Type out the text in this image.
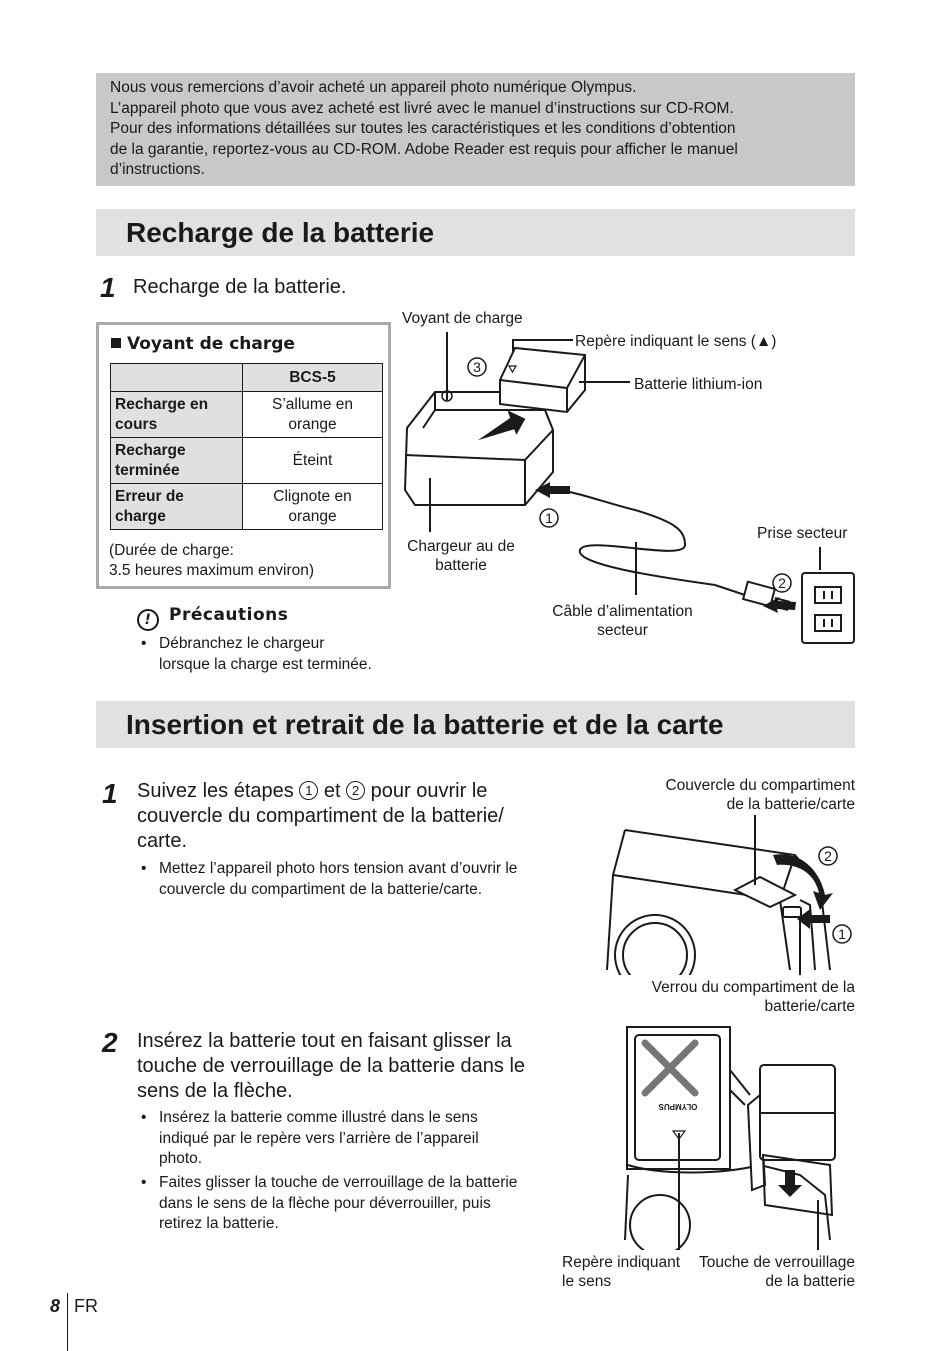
Nous vous remercions d’avoir acheté un appareil photo numérique Olympus.

L’appareil photo que vous avez acheté est livré avec le manuel d’instructions sur CD-ROM.

Pour des informations détaillées sur toutes les caractéristiques et les conditions d’obtention

de la garantie, reportez-vous au CD-ROM. Adobe Reader est requis pour afficher le manuel

d’instructions.

Recharge de la batterie
1 Recharge de la batterie.
Voyant de charge
	BCS-5
Recharge en
cours	S’allume en
orange
Recharge
terminée	Éteint
Erreur de
charge	Clignote en
orange
(Durée de charge:
3.5 heures maximum environ)
! Précautions
• Débranchez le chargeur
lorsque la charge est terminée.
3
1
2
Voyant de charge
Repère indiquant le sens (▲)
Batterie lithium-ion
Prise secteur
Chargeur au de
batterie
Câble d’alimentation
secteur
Insertion et retrait de la batterie et de la carte
1 Suivez les étapes 1 et 2 pour ouvrir le
couvercle du compartiment de la batterie/
carte.
• Mettez l’appareil photo hors tension avant d’ouvrir le
couvercle du compartiment de la batterie/carte.
Couvercle du compartiment
de la batterie/carte
2
1
Verrou du compartiment de la
batterie/carte
2 Insérez la batterie tout en faisant glisser la
touche de verrouillage de la batterie dans le
sens de la flèche.
• Insérez la batterie comme illustré dans le sens
indiqué par le repère vers l’arrière de l’appareil
photo.
• Faites glisser la touche de verrouillage de la batterie
dans le sens de la flèche pour déverrouiller, puis
retirez la batterie.
OLYMPUS
Repère indiquant
le sens
Touche de verrouillage
de la batterie
8 FR
